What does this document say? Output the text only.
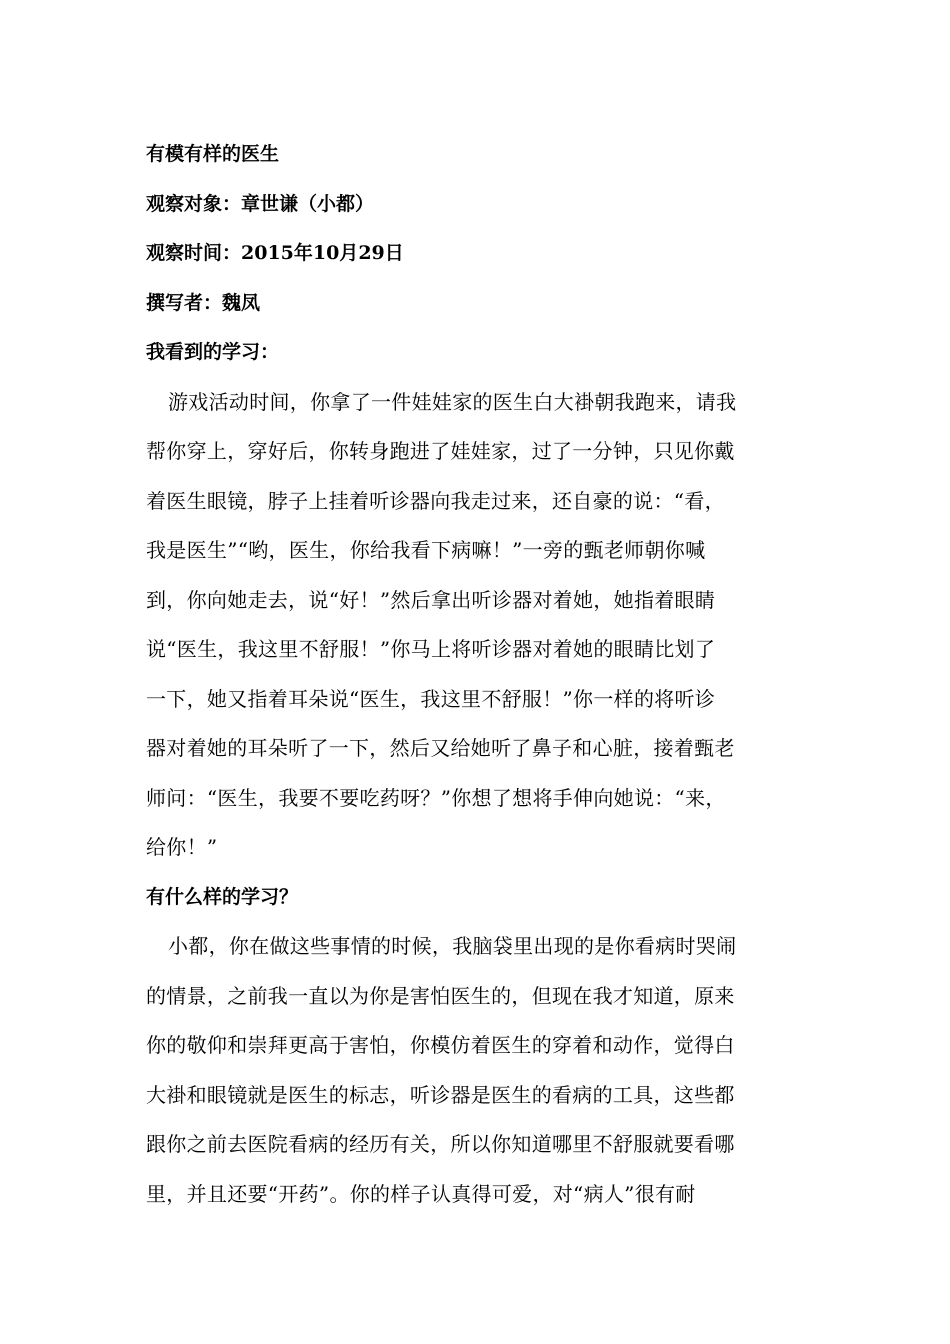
有模有样的医生
观察对象：章世谦（小都）
观察时间：2015年10月29日
撰写者：魏凤
我看到的学习：
游戏活动时间，你拿了一件娃娃家的医生白大褂朝我跑来，请我
帮你穿上，穿好后，你转身跑进了娃娃家，过了一分钟，只见你戴
着医生眼镜，脖子上挂着听诊器向我走过来，还自豪的说：“看，
我是医生”“哟，医生，你给我看下病嘛！”一旁的甄老师朝你喊
到，你向她走去，说“好！”然后拿出听诊器对着她，她指着眼睛
说“医生，我这里不舒服！”你马上将听诊器对着她的眼睛比划了
一下，她又指着耳朵说“医生，我这里不舒服！”你一样的将听诊
器对着她的耳朵听了一下，然后又给她听了鼻子和心脏，接着甄老
师问：“医生，我要不要吃药呀？”你想了想将手伸向她说：“来，
给你！”
有什么样的学习？
小都，你在做这些事情的时候，我脑袋里出现的是你看病时哭闹
的情景，之前我一直以为你是害怕医生的，但现在我才知道，原来
你的敬仰和崇拜更高于害怕，你模仿着医生的穿着和动作，觉得白
大褂和眼镜就是医生的标志，听诊器是医生的看病的工具，这些都
跟你之前去医院看病的经历有关，所以你知道哪里不舒服就要看哪
里，并且还要“开药”。你的样子认真得可爱，对“病人”很有耐
